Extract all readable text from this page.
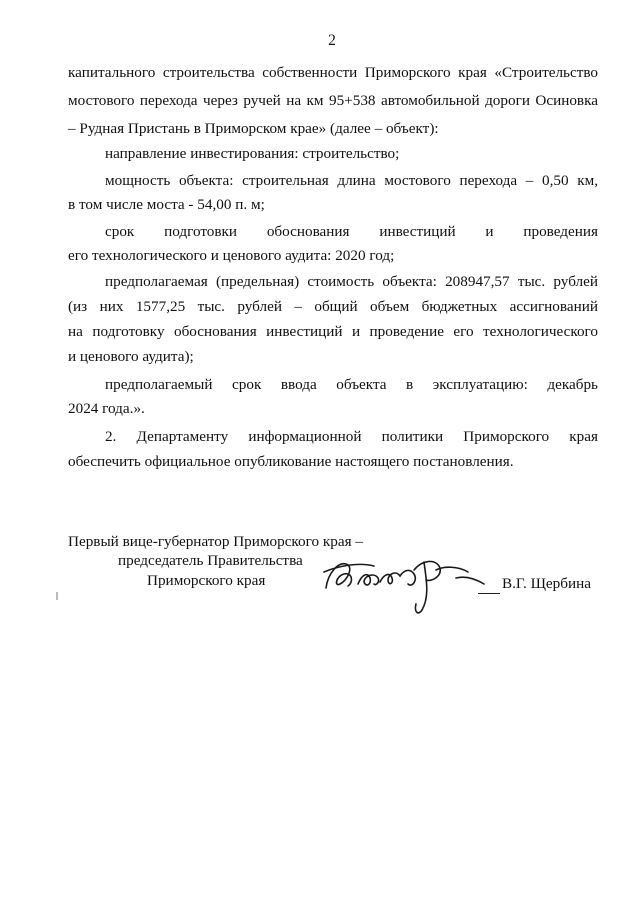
2
капитального строительства собственности Приморского края «Строительство
мостового перехода через ручей на км 95+538 автомобильной дороги Осиновка
– Рудная Пристань в Приморском крае» (далее – объект):
направление инвестирования: строительство;
мощность объекта: строительная длина мостового перехода – 0,50 км,
в том числе моста - 54,00 п. м;
срок подготовки обоснования инвестиций и проведения
его технологического и ценового аудита: 2020 год;
предполагаемая (предельная) стоимость объекта: 208947,57 тыс. рублей
(из них 1577,25 тыс. рублей – общий объем бюджетных ассигнований
на подготовку обоснования инвестиций и проведение его технологического
и ценового аудита);
предполагаемый срок ввода объекта в эксплуатацию: декабрь
2024 года.».
2. Департаменту информационной политики Приморского края
обеспечить официальное опубликование настоящего постановления.
Первый вице-губернатор Приморского края –
председатель Правительства
Приморского края	В.Г. Щербина
